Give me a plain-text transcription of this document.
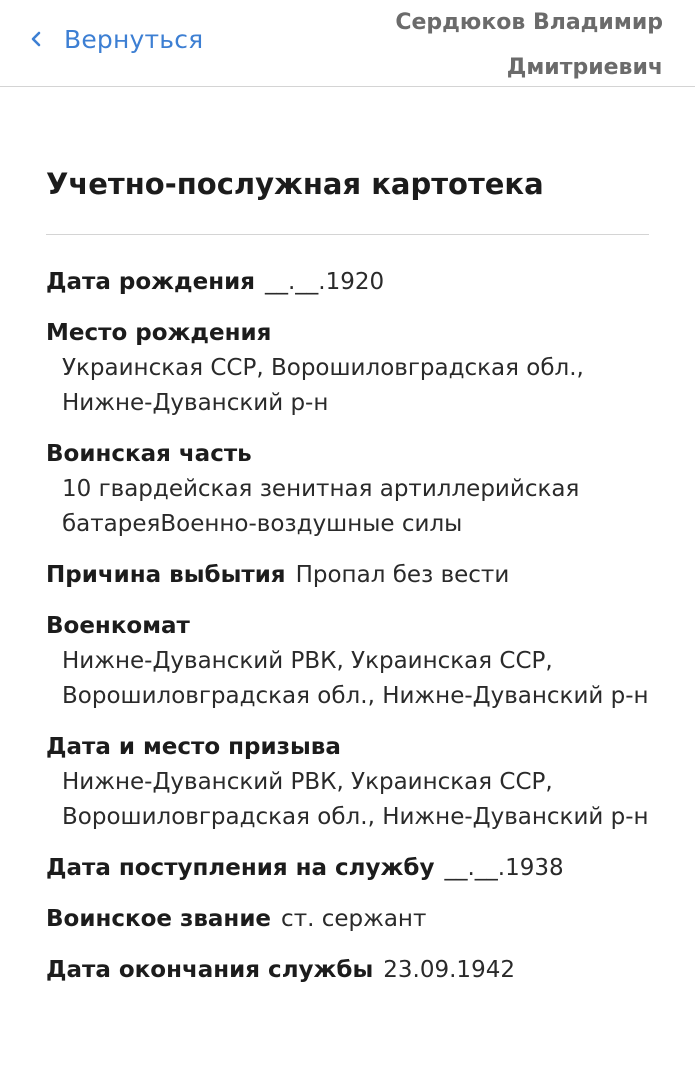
Вернуться
Сердюков Владимир
Дмитриевич
Учетно-послужная картотека
Дата рождения __.__.1920
Место рождения
Украинская ССР, Ворошиловградская обл., Нижне-Дуванский р-н
Воинская часть
10 гвардейская зенитная артиллерийская батареяВоенно-воздушные силы
Причина выбытия Пропал без вести
Военкомат
Нижне-Дуванский РВК, Украинская ССР, Ворошиловградская обл., Нижне-Дуванский р-н
Дата и место призыва
Нижне-Дуванский РВК, Украинская ССР, Ворошиловградская обл., Нижне-Дуванский р-н
Дата поступления на службу __.__.1938
Воинское звание ст. сержант
Дата окончания службы 23.09.1942
